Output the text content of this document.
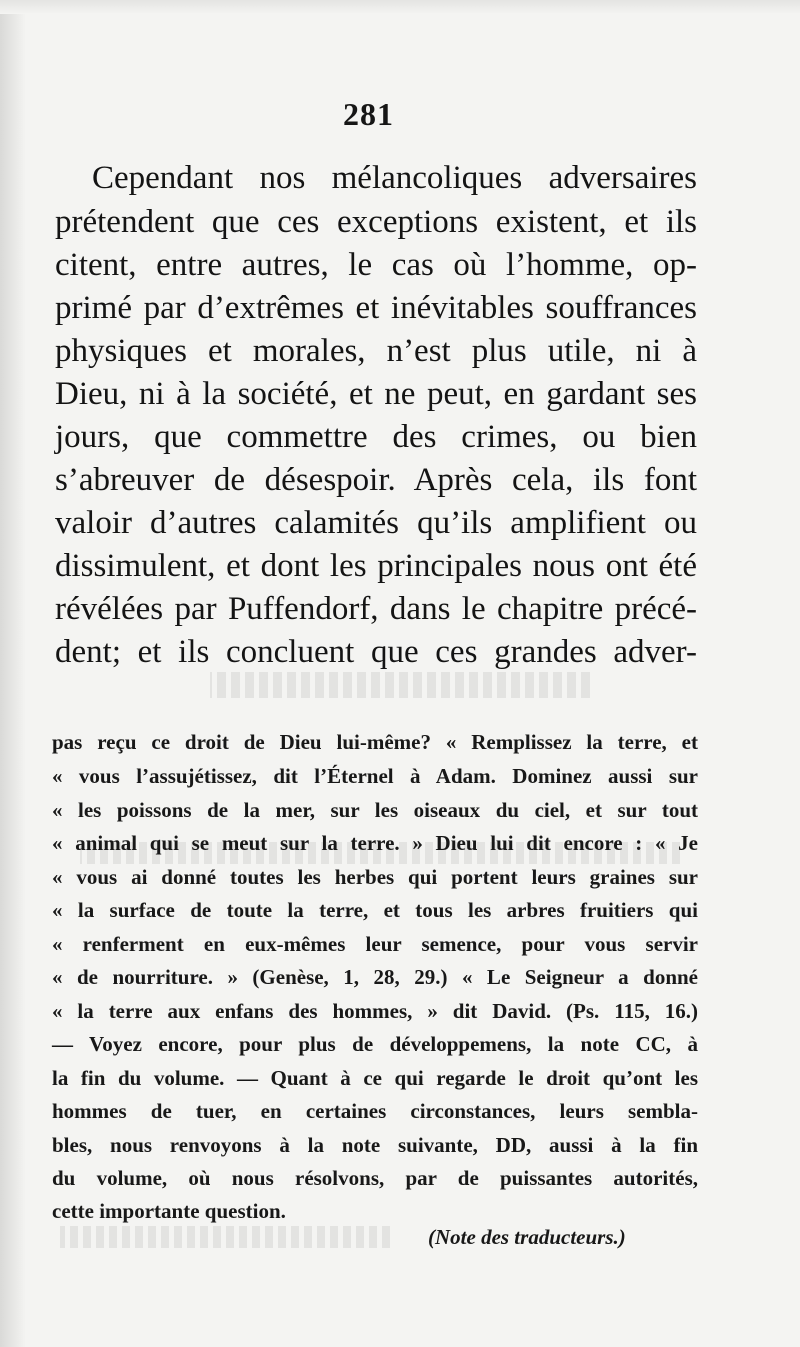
281
Cependant nos mélancoliques adversaires
prétendent que ces exceptions existent, et ils
citent, entre autres, le cas où l’homme, op-
primé par d’extrêmes et inévitables souffrances
physiques et morales, n’est plus utile, ni à
Dieu, ni à la société, et ne peut, en gardant ses
jours, que commettre des crimes, ou bien
s’abreuver de désespoir. Après cela, ils font
valoir d’autres calamités qu’ils amplifient ou
dissimulent, et dont les principales nous ont été
révélées par Puffendorf, dans le chapitre précé-
dent; et ils concluent que ces grandes adver-
pas reçu ce droit de Dieu lui-même? « Remplissez la terre, et
« vous l’assujétissez, dit l’Éternel à Adam. Dominez aussi sur
« les poissons de la mer, sur les oiseaux du ciel, et sur tout
« animal qui se meut sur la terre. » Dieu lui dit encore : « Je
« vous ai donné toutes les herbes qui portent leurs graines sur
« la surface de toute la terre, et tous les arbres fruitiers qui
« renferment en eux-mêmes leur semence, pour vous servir
« de nourriture. » (Genèse, 1, 28, 29.) « Le Seigneur a donné
« la terre aux enfans des hommes, » dit David. (Ps. 115, 16.)
— Voyez encore, pour plus de développemens, la note CC, à
la fin du volume. — Quant à ce qui regarde le droit qu’ont les
hommes de tuer, en certaines circonstances, leurs sembla-
bles, nous renvoyons à la note suivante, DD, aussi à la fin
du volume, où nous résolvons, par de puissantes autorités,
cette importante question.
(Note des traducteurs.)
